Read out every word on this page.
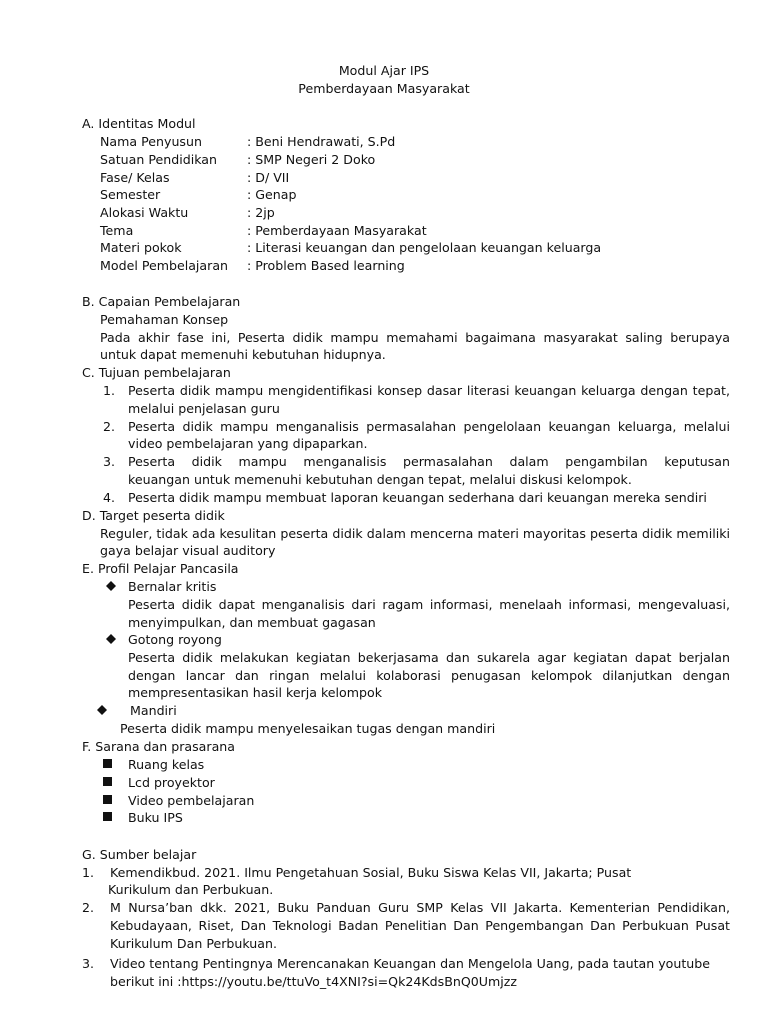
Modul Ajar IPS
Pemberdayaan Masyarakat
A. Identitas Modul
Nama Penyusun	: Beni Hendrawati, S.Pd
Satuan Pendidikan : SMP Negeri 2 Doko
Fase/ Kelas	: D/ VII
Semester	: Genap
Alokasi Waktu	: 2jp
Tema	: Pemberdayaan Masyarakat
Materi pokok	: Literasi keuangan dan pengelolaan keuangan keluarga
Model Pembelajaran : Problem Based learning
B. Capaian Pembelajaran
Pemahaman Konsep
Pada akhir fase ini, Peserta didik mampu memahami bagaimana masyarakat saling berupaya
untuk dapat memenuhi kebutuhan hidupnya.
C. Tujuan pembelajaran
1. Peserta didik mampu mengidentifikasi konsep dasar literasi keuangan keluarga dengan tepat,
melalui penjelasan guru
2. Peserta didik mampu menganalisis permasalahan pengelolaan keuangan keluarga, melalui
video pembelajaran yang dipaparkan.
3. Peserta didik mampu menganalisis permasalahan dalam pengambilan keputusan
keuangan untuk memenuhi kebutuhan dengan tepat, melalui diskusi kelompok.
4. Peserta didik mampu membuat laporan keuangan sederhana dari keuangan mereka sendiri
D. Target peserta didik
Reguler, tidak ada kesulitan peserta didik dalam mencerna materi mayoritas peserta didik memiliki
gaya belajar visual auditory
E. Profil Pelajar Pancasila
Bernalar kritis
Peserta didik dapat menganalisis dari ragam informasi, menelaah informasi, mengevaluasi,
menyimpulkan, dan membuat gagasan
Gotong royong
Peserta didik melakukan kegiatan bekerjasama dan sukarela agar kegiatan dapat berjalan
dengan lancar dan ringan melalui kolaborasi penugasan kelompok dilanjutkan dengan
mempresentasikan hasil kerja kelompok
Mandiri
Peserta didik mampu menyelesaikan tugas dengan mandiri
F. Sarana dan prasarana
Ruang kelas
Lcd proyektor
Video pembelajaran
Buku IPS
G. Sumber belajar
1. Kemendikbud. 2021. Ilmu Pengetahuan Sosial, Buku Siswa Kelas VII, Jakarta; Pusat
Kurikulum dan Perbukuan.
2. M Nursa’ban dkk. 2021, Buku Panduan Guru SMP Kelas VII Jakarta. Kementerian Pendidikan,
Kebudayaan, Riset, Dan Teknologi Badan Penelitian Dan Pengembangan Dan Perbukuan Pusat
Kurikulum Dan Perbukuan.
3. Video tentang Pentingnya Merencanakan Keuangan dan Mengelola Uang, pada tautan youtube
berikut ini :https://youtu.be/ttuVo_t4XNI?si=Qk24KdsBnQ0Umjzz
